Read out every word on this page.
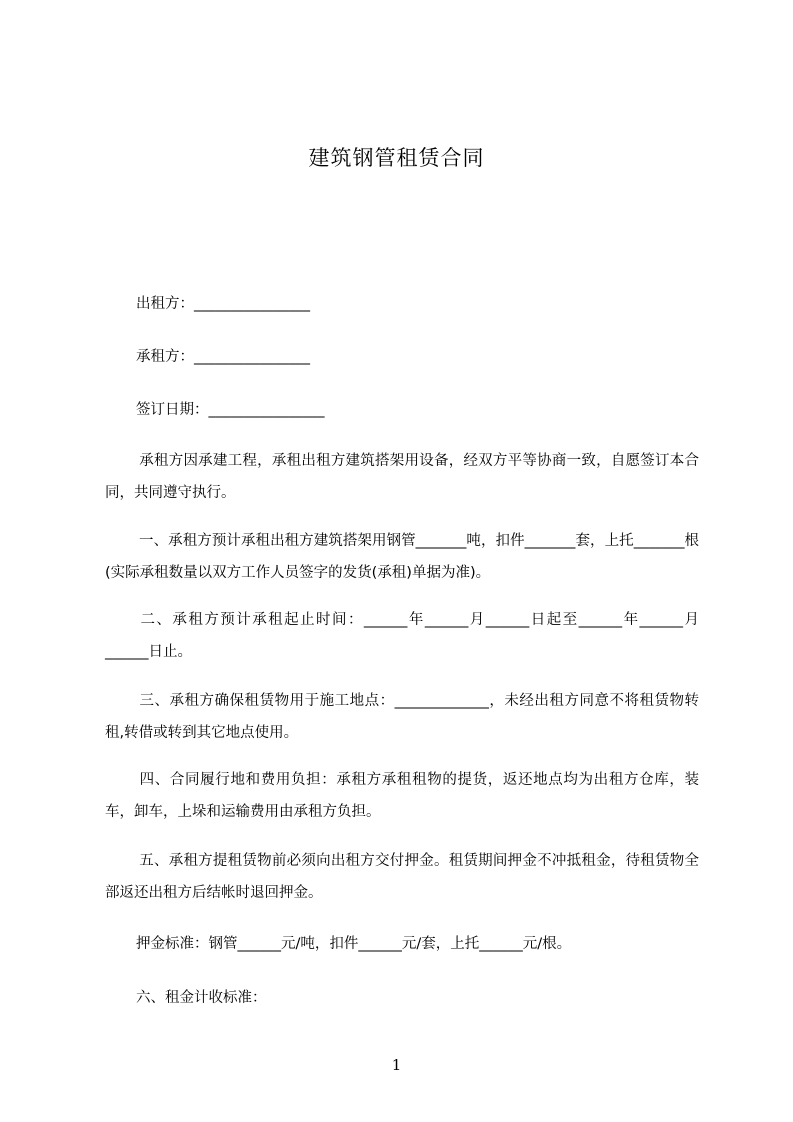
建筑钢管租赁合同
出租方：________________
承租方：________________
签订日期：________________
承租方因承建工程，承租出租方建筑搭架用设备，经双方平等协商一致，自愿签订本合同，共同遵守执行。
一、承租方预计承租出租方建筑搭架用钢管_______吨，扣件_______套，上托_______根(实际承租数量以双方工作人员签字的发货(承租)单据为准)。
二、承租方预计承租起止时间：______年______月______日起至______年______月______日止。
三、承租方确保租赁物用于施工地点：_____________，未经出租方同意不将租赁物转租,转借或转到其它地点使用。
四、合同履行地和费用负担：承租方承租租物的提货，返还地点均为出租方仓库，装车，卸车，上垛和运输费用由承租方负担。
五、承租方提租赁物前必须向出租方交付押金。租赁期间押金不冲抵租金，待租赁物全部返还出租方后结帐时退回押金。
押金标准：钢管______元/吨，扣件______元/套，上托______元/根。
六、租金计收标准：
1
